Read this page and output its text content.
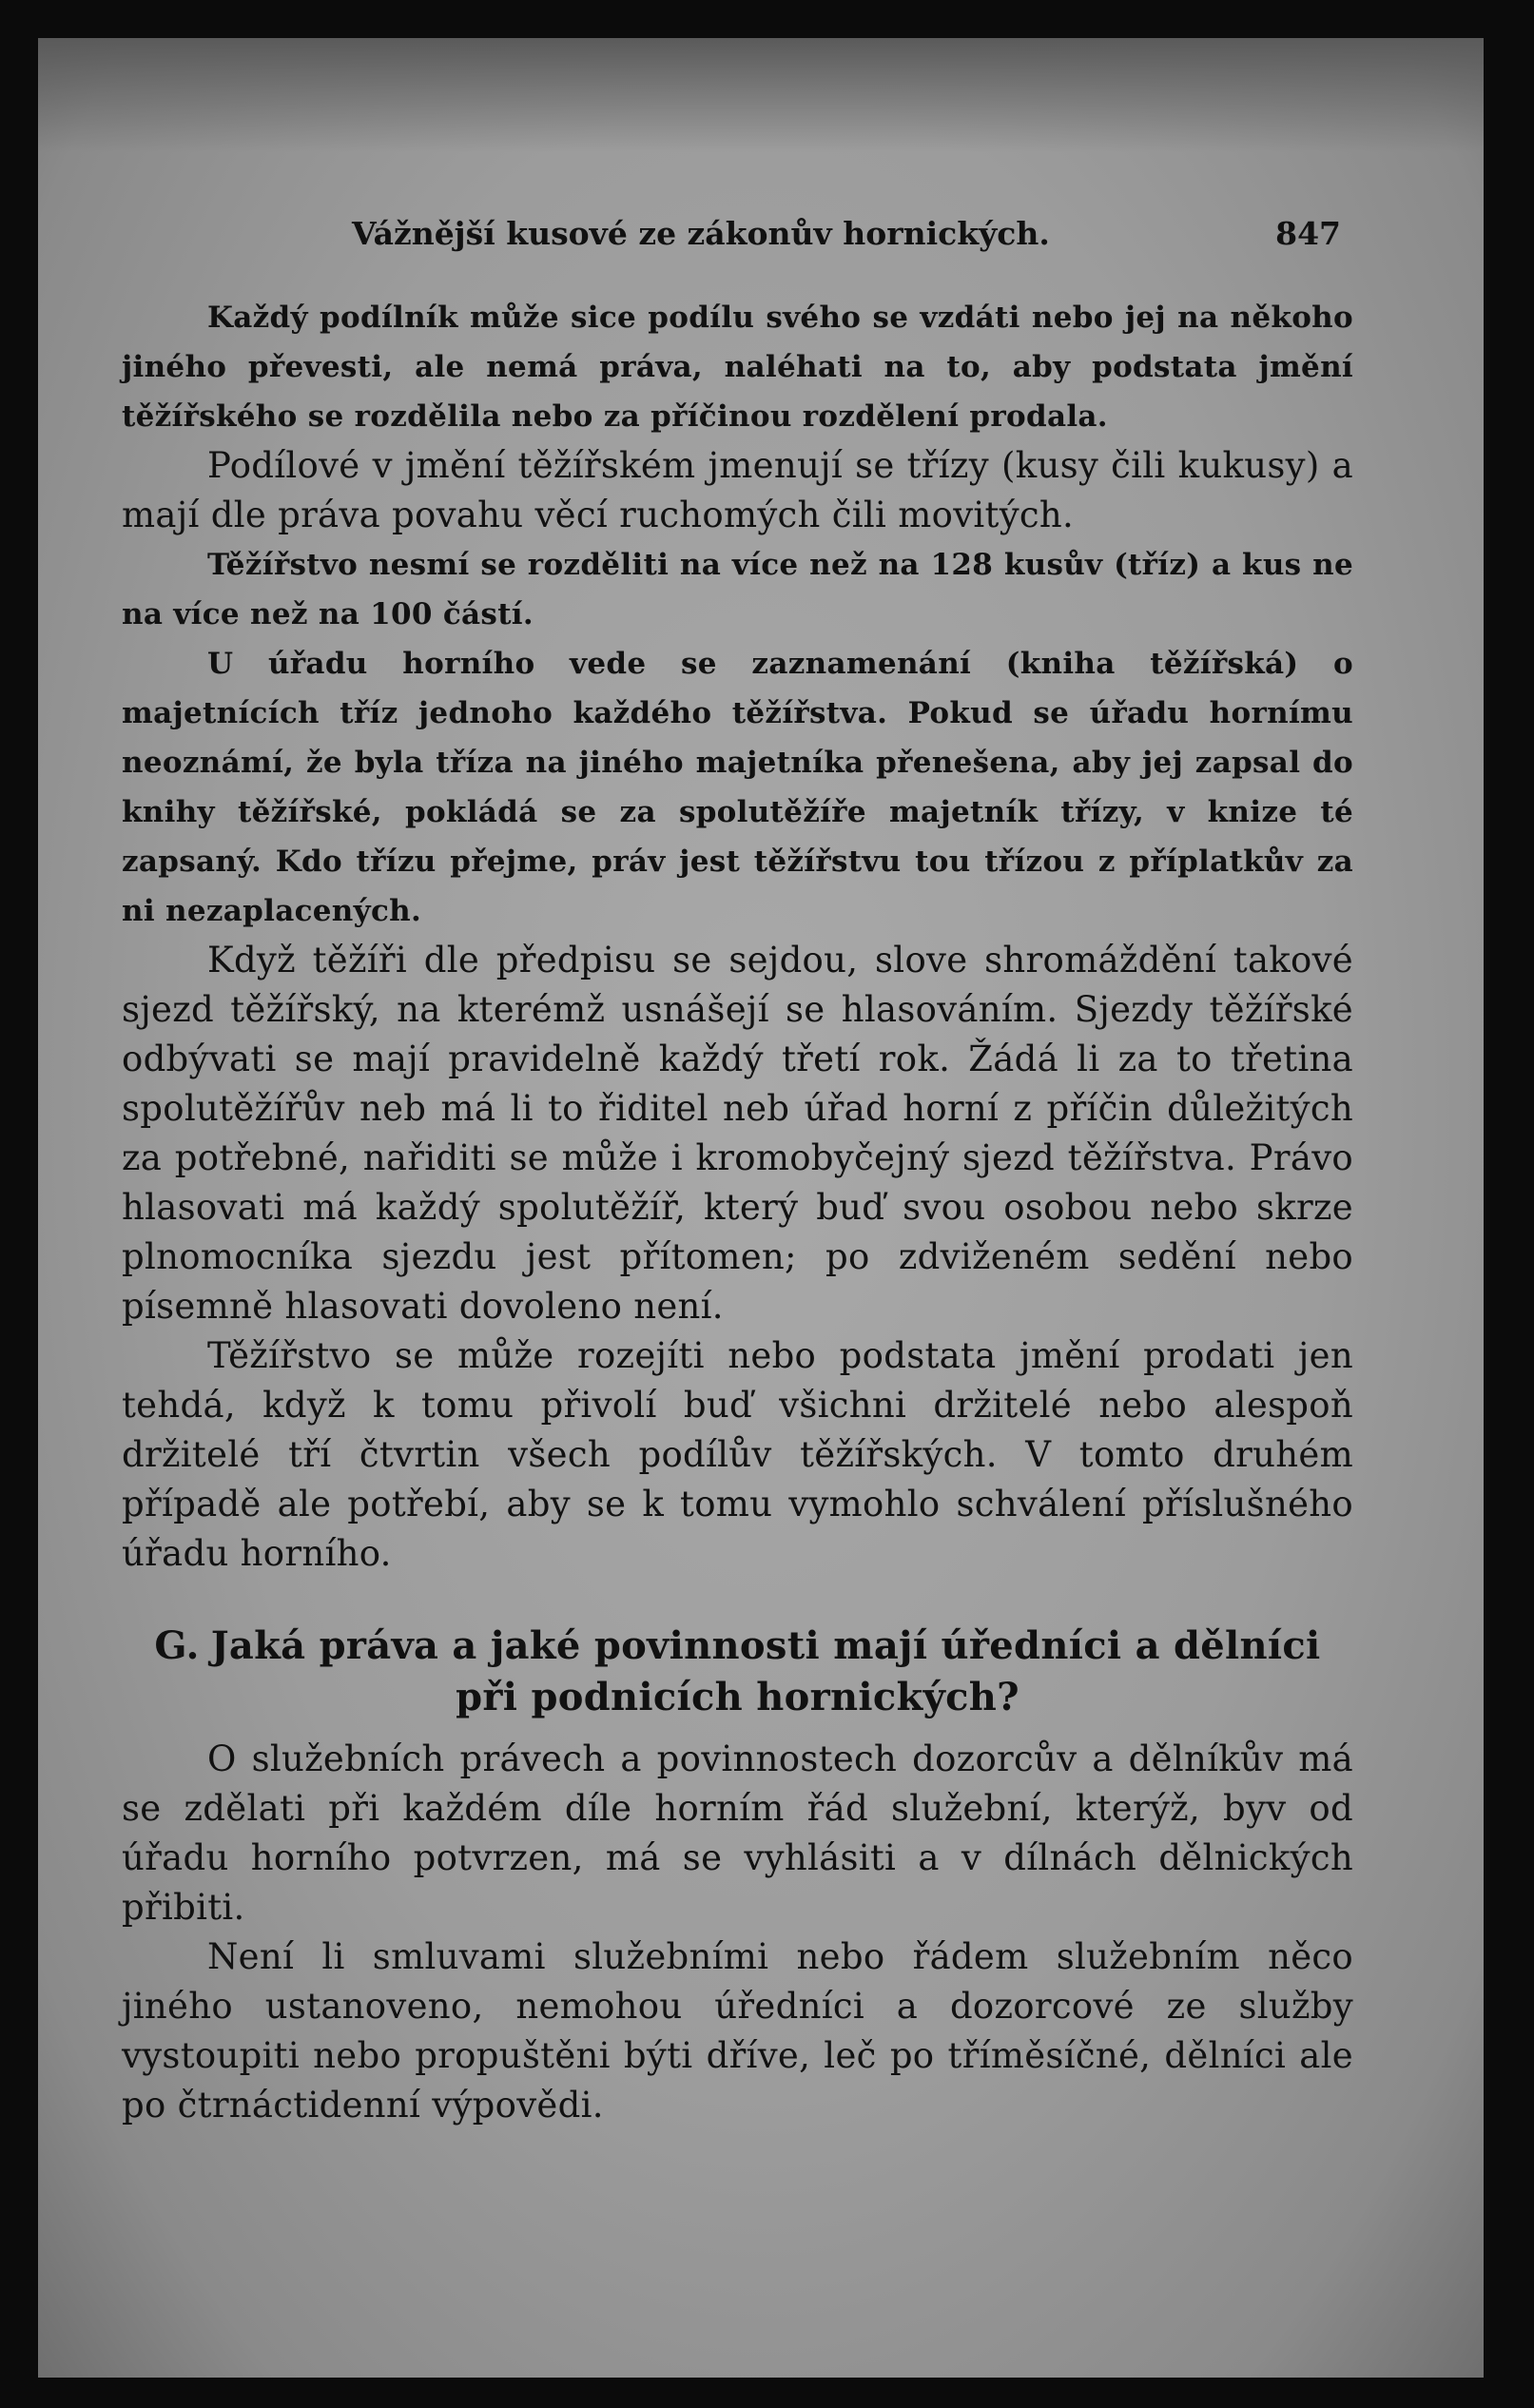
Vážnější kusové ze zákonův hornických.	847

Každý podílník může sice podílu svého se vzdáti nebo jej na někoho jiného převesti, ale nemá práva, naléhati na to, aby podstata jmění těžířského se rozdělila nebo za příčinou rozdělení prodala.

Podílové v jmění těžířském jmenují se třízy (kusy čili kukusy) a mají dle práva povahu věcí ruchomých čili movitých.

Těžířstvo nesmí se rozděliti na více než na 128 kusův (tříz) a kus ne na více než na 100 částí.

U úřadu horního vede se zaznamenání (kniha těžířská) o majetnících tříz jednoho každého těžířstva. Pokud se úřadu hornímu neoznámí, že byla tříza na jiného majetníka přenešena, aby jej zapsal do knihy těžířské, pokládá se za spolutěžíře majetník třízy, v knize té zapsaný. Kdo třízu přejme, práv jest těžířstvu tou třízou z příplatkův za ni nezaplacených.

Když těžíři dle předpisu se sejdou, slove shromáždění takové sjezd těžířský, na kterémž usnášejí se hlasováním. Sjezdy těžířské odbývati se mají pravidelně každý třetí rok. Žádá li za to třetina spolutěžířův neb má li to řiditel neb úřad horní z příčin důležitých za potřebné, nařiditi se může i kromobyčejný sjezd těžířstva. Právo hlasovati má každý spolutěžíř, který buď svou osobou nebo skrze plnomocníka sjezdu jest přítomen; po zdviženém sedění nebo písemně hlasovati dovoleno není.

Těžířstvo se může rozejíti nebo podstata jmění prodati jen tehdá, když k tomu přivolí buď všichni držitelé nebo alespoň držitelé tří čtvrtin všech podílův těžířských. V tomto druhém případě ale potřebí, aby se k tomu vymohlo schválení příslušného úřadu horního.

G. Jaká práva a jaké povinnosti mají úředníci a dělníci při podnicích hornických?

O služebních právech a povinnostech dozorcův a dělníkův má se zdělati při každém díle horním řád služební, kterýž, byv od úřadu horního potvrzen, má se vyhlásiti a v dílnách dělnických přibiti.

Není li smluvami služebními nebo řádem služebním něco jiného ustanoveno, nemohou úředníci a dozorcové ze služby vystoupiti nebo propuštěni býti dříve, leč po tříměsíčné, dělníci ale po čtrnáctidenní výpovědi.
